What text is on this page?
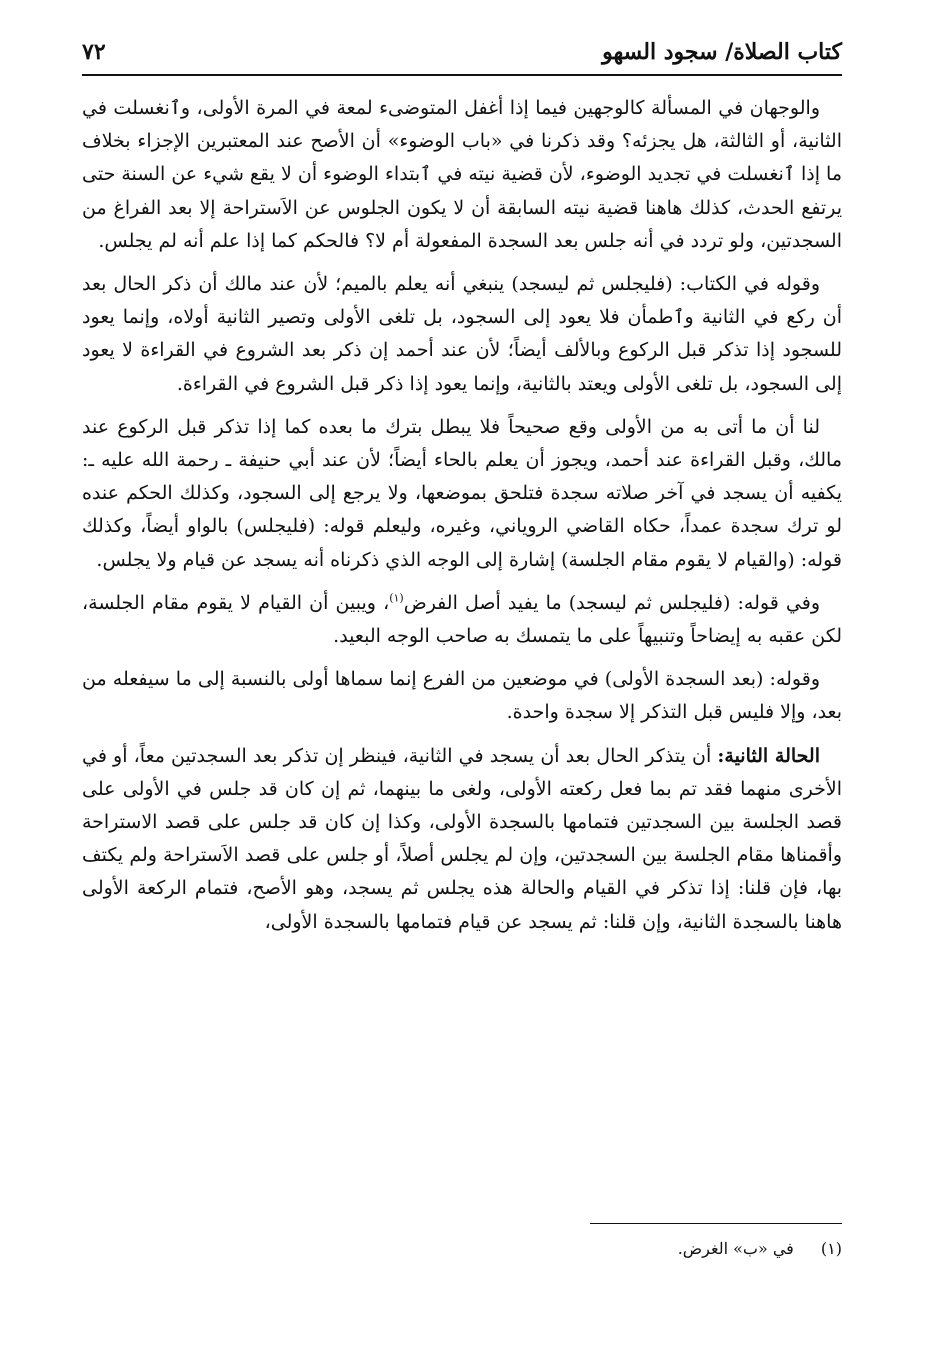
كتاب الصلاة/ سجود السهو
٧٢

والوجهان في المسألة كالوجهين فيما إذا أغفل المتوضىء لمعة في المرة الأولى، وٱنغسلت في الثانية، أو الثالثة، هل يجزئه؟ وقد ذكرنا في «باب الوضوء» أن الأصح عند المعتبرين الإجزاء بخلاف ما إذا ٱنغسلت في تجديد الوضوء، لأن قضية نيته في ٱبتداء الوضوء أن لا يقع شيء عن السنة حتى يرتفع الحدث، كذلك هاهنا قضية نيته السابقة أن لا يكون الجلوس عن الاَستراحة إلا بعد الفراغ من السجدتين، ولو تردد في أنه جلس بعد السجدة المفعولة أم لا؟ فالحكم كما إذا علم أنه لم يجلس.

وقوله في الكتاب: (فليجلس ثم ليسجد) ينبغي أنه يعلم بالميم؛ لأن عند مالك أن ذكر الحال بعد أن ركع في الثانية وٱطمأن فلا يعود إلى السجود، بل تلغى الأولى وتصير الثانية أولاه، وإنما يعود للسجود إذا تذكر قبل الركوع وبالألف أيضاً؛ لأن عند أحمد إن ذكر بعد الشروع في القراءة لا يعود إلى السجود، بل تلغى الأولى ويعتد بالثانية، وإنما يعود إذا ذكر قبل الشروع في القراءة.

لنا أن ما أتى به من الأولى وقع صحيحاً فلا يبطل بترك ما بعده كما إذا تذكر قبل الركوع عند مالك، وقبل القراءة عند أحمد، ويجوز أن يعلم بالحاء أيضاً؛ لأن عند أبي حنيفة ـ رحمة الله عليه ـ: يكفيه أن يسجد في آخر صلاته سجدة فتلحق بموضعها، ولا يرجع إلى السجود، وكذلك الحكم عنده لو ترك سجدة عمداً، حكاه القاضي الروياني، وغيره، وليعلم قوله: (فليجلس) بالواو أيضاً، وكذلك قوله: (والقيام لا يقوم مقام الجلسة) إشارة إلى الوجه الذي ذكرناه أنه يسجد عن قيام ولا يجلس.

وفي قوله: (فليجلس ثم ليسجد) ما يفيد أصل الفرض$^{(١)}$، ويبين أن القيام لا يقوم مقام الجلسة، لكن عقبه به إيضاحاً وتنبيهاً على ما يتمسك به صاحب الوجه البعيد.

وقوله: (بعد السجدة الأولى) في موضعين من الفرع إنما سماها أولى بالنسبة إلى ما سيفعله من بعد، وإلا فليس قبل التذكر إلا سجدة واحدة.

الحالة الثانية: أن يتذكر الحال بعد أن يسجد في الثانية، فينظر إن تذكر بعد السجدتين معاً، أو في الأخرى منهما فقد تم بما فعل ركعته الأولى، ولغى ما بينهما، ثم إن كان قد جلس في الأولى على قصد الجلسة بين السجدتين فتمامها بالسجدة الأولى، وكذا إن كان قد جلس على قصد الاستراحة وأقمناها مقام الجلسة بين السجدتين، وإن لم يجلس أصلاً، أو جلس على قصد الاَستراحة ولم يكتف بها، فإن قلنا: إذا تذكر في القيام والحالة هذه يجلس ثم يسجد، وهو الأصح، فتمام الركعة الأولى هاهنا بالسجدة الثانية، وإن قلنا: ثم يسجد عن قيام فتمامها بالسجدة الأولى،

(١) في «ب» الغرض.
